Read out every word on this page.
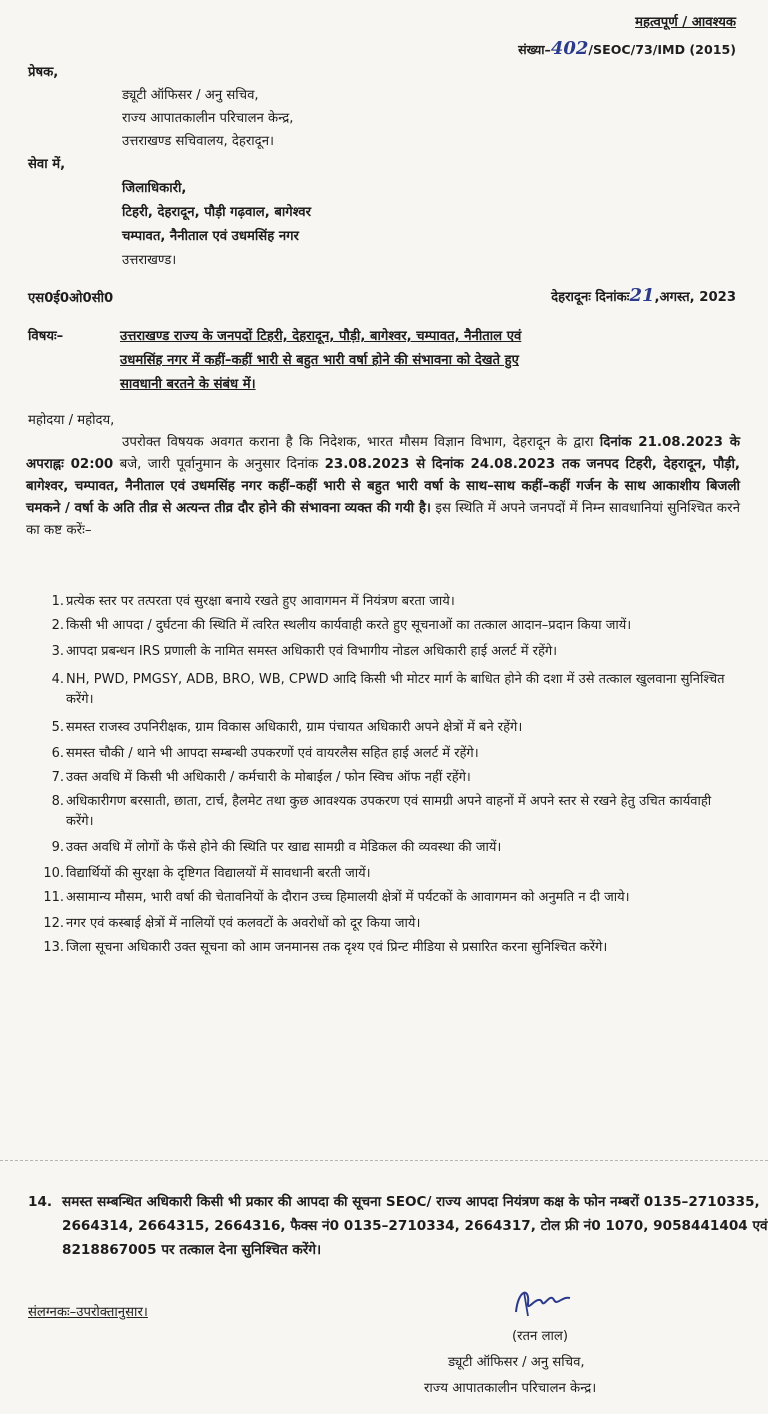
महत्वपूर्ण / आवश्यक
संख्या–402/SEOC/73/IMD (2015)
प्रेषक,
ड्यूटी ऑफिसर / अनु सचिव,
राज्य आपातकालीन परिचालन केन्द्र,
उत्तराखण्ड सचिवालय, देहरादून।
सेवा में,
जिलाधिकारी,
टिहरी, देहरादून, पौड़ी गढ़वाल, बागेश्वर
चम्पावत, नैनीताल एवं उधमसिंह नगर
उत्तराखण्ड।
एस0ई0ओ0सी0	देहरादूनः दिनांकः21,अगस्त, 2023
विषयः–	उत्तराखण्ड राज्य के जनपदों टिहरी, देहरादून, पौड़ी, बागेश्वर, चम्पावत, नैनीताल एवं
उधमसिंह नगर में कहीं–कहीं भारी से बहुत भारी वर्षा होने की संभावना को देखते हुए
सावधानी बरतने के संबंध में।
महोदया / महोदय,
उपरोक्त विषयक अवगत कराना है कि निदेशक, भारत मौसम विज्ञान विभाग, देहरादून के द्वारा दिनांक 21.08.2023 के अपराह्नः 02:00 बजे, जारी पूर्वानुमान के अनुसार दिनांक 23.08.2023 से दिनांक 24.08.2023 तक जनपद टिहरी, देहरादून, पौड़ी, बागेश्वर, चम्पावत, नैनीताल एवं उधमसिंह नगर कहीं–कहीं भारी से बहुत भारी वर्षा के साथ–साथ कहीं–कहीं गर्जन के साथ आकाशीय बिजली चमकने / वर्षा के अति तीव्र से अत्यन्त तीव्र दौर होने की संभावना व्यक्त की गयी है। इस स्थिति में अपने जनपदों में निम्न सावधानियां सुनिश्चित करने का कष्ट करेंः–
1. प्रत्येक स्तर पर तत्परता एवं सुरक्षा बनाये रखते हुए आवागमन में नियंत्रण बरता जाये।
2. किसी भी आपदा / दुर्घटना की स्थिति में त्वरित स्थलीय कार्यवाही करते हुए सूचनाओं का तत्काल आदान–प्रदान किया जायें।
3. आपदा प्रबन्धन IRS प्रणाली के नामित समस्त अधिकारी एवं विभागीय नोडल अधिकारी हाई अलर्ट में रहेंगे।
4. NH, PWD, PMGSY, ADB, BRO, WB, CPWD आदि किसी भी मोटर मार्ग के बाधित होने की दशा में उसे तत्काल खुलवाना सुनिश्चित करेंगे।
5. समस्त राजस्व उपनिरीक्षक, ग्राम विकास अधिकारी, ग्राम पंचायत अधिकारी अपने क्षेत्रों में बने रहेंगे।
6. समस्त चौकी / थाने भी आपदा सम्बन्धी उपकरणों एवं वायरलैस सहित हाई अलर्ट में रहेंगे।
7. उक्त अवधि में किसी भी अधिकारी / कर्मचारी के मोबाईल / फोन स्विच ऑफ नहीं रहेंगे।
8. अधिकारीगण बरसाती, छाता, टार्च, हैलमेट तथा कुछ आवश्यक उपकरण एवं सामग्री अपने वाहनों में अपने स्तर से रखने हेतु उचित कार्यवाही करेंगे।
9. उक्त अवधि में लोगों के फँसे होने की स्थिति पर खाद्य सामग्री व मेडिकल की व्यवस्था की जायें।
10. विद्यार्थियों की सुरक्षा के दृष्टिगत विद्यालयों में सावधानी बरती जायें।
11. असामान्य मौसम, भारी वर्षा की चेतावनियों के दौरान उच्च हिमालयी क्षेत्रों में पर्यटकों के आवागमन को अनुमति न दी जाये।
12. नगर एवं कस्बाई क्षेत्रों में नालियों एवं कलवटों के अवरोधों को दूर किया जाये।
13. जिला सूचना अधिकारी उक्त सूचना को आम जनमानस तक दृश्य एवं प्रिन्ट मीडिया से प्रसारित करना सुनिश्चित करेंगे।
14. समस्त सम्बन्धित अधिकारी किसी भी प्रकार की आपदा की सूचना SEOC/ राज्य आपदा नियंत्रण कक्ष के फोन नम्बरों 0135–2710335, 2664314, 2664315, 2664316, फैक्स नं0 0135–2710334, 2664317, टोल फ्री नं0 1070, 9058441404 एवं 8218867005 पर तत्काल देना सुनिश्चित करेंगे।
संलग्नकः–उपरोक्तानुसार।
(रतन लाल)
ड्यूटी ऑफिसर / अनु सचिव,
राज्य आपातकालीन परिचालन केन्द्र।
